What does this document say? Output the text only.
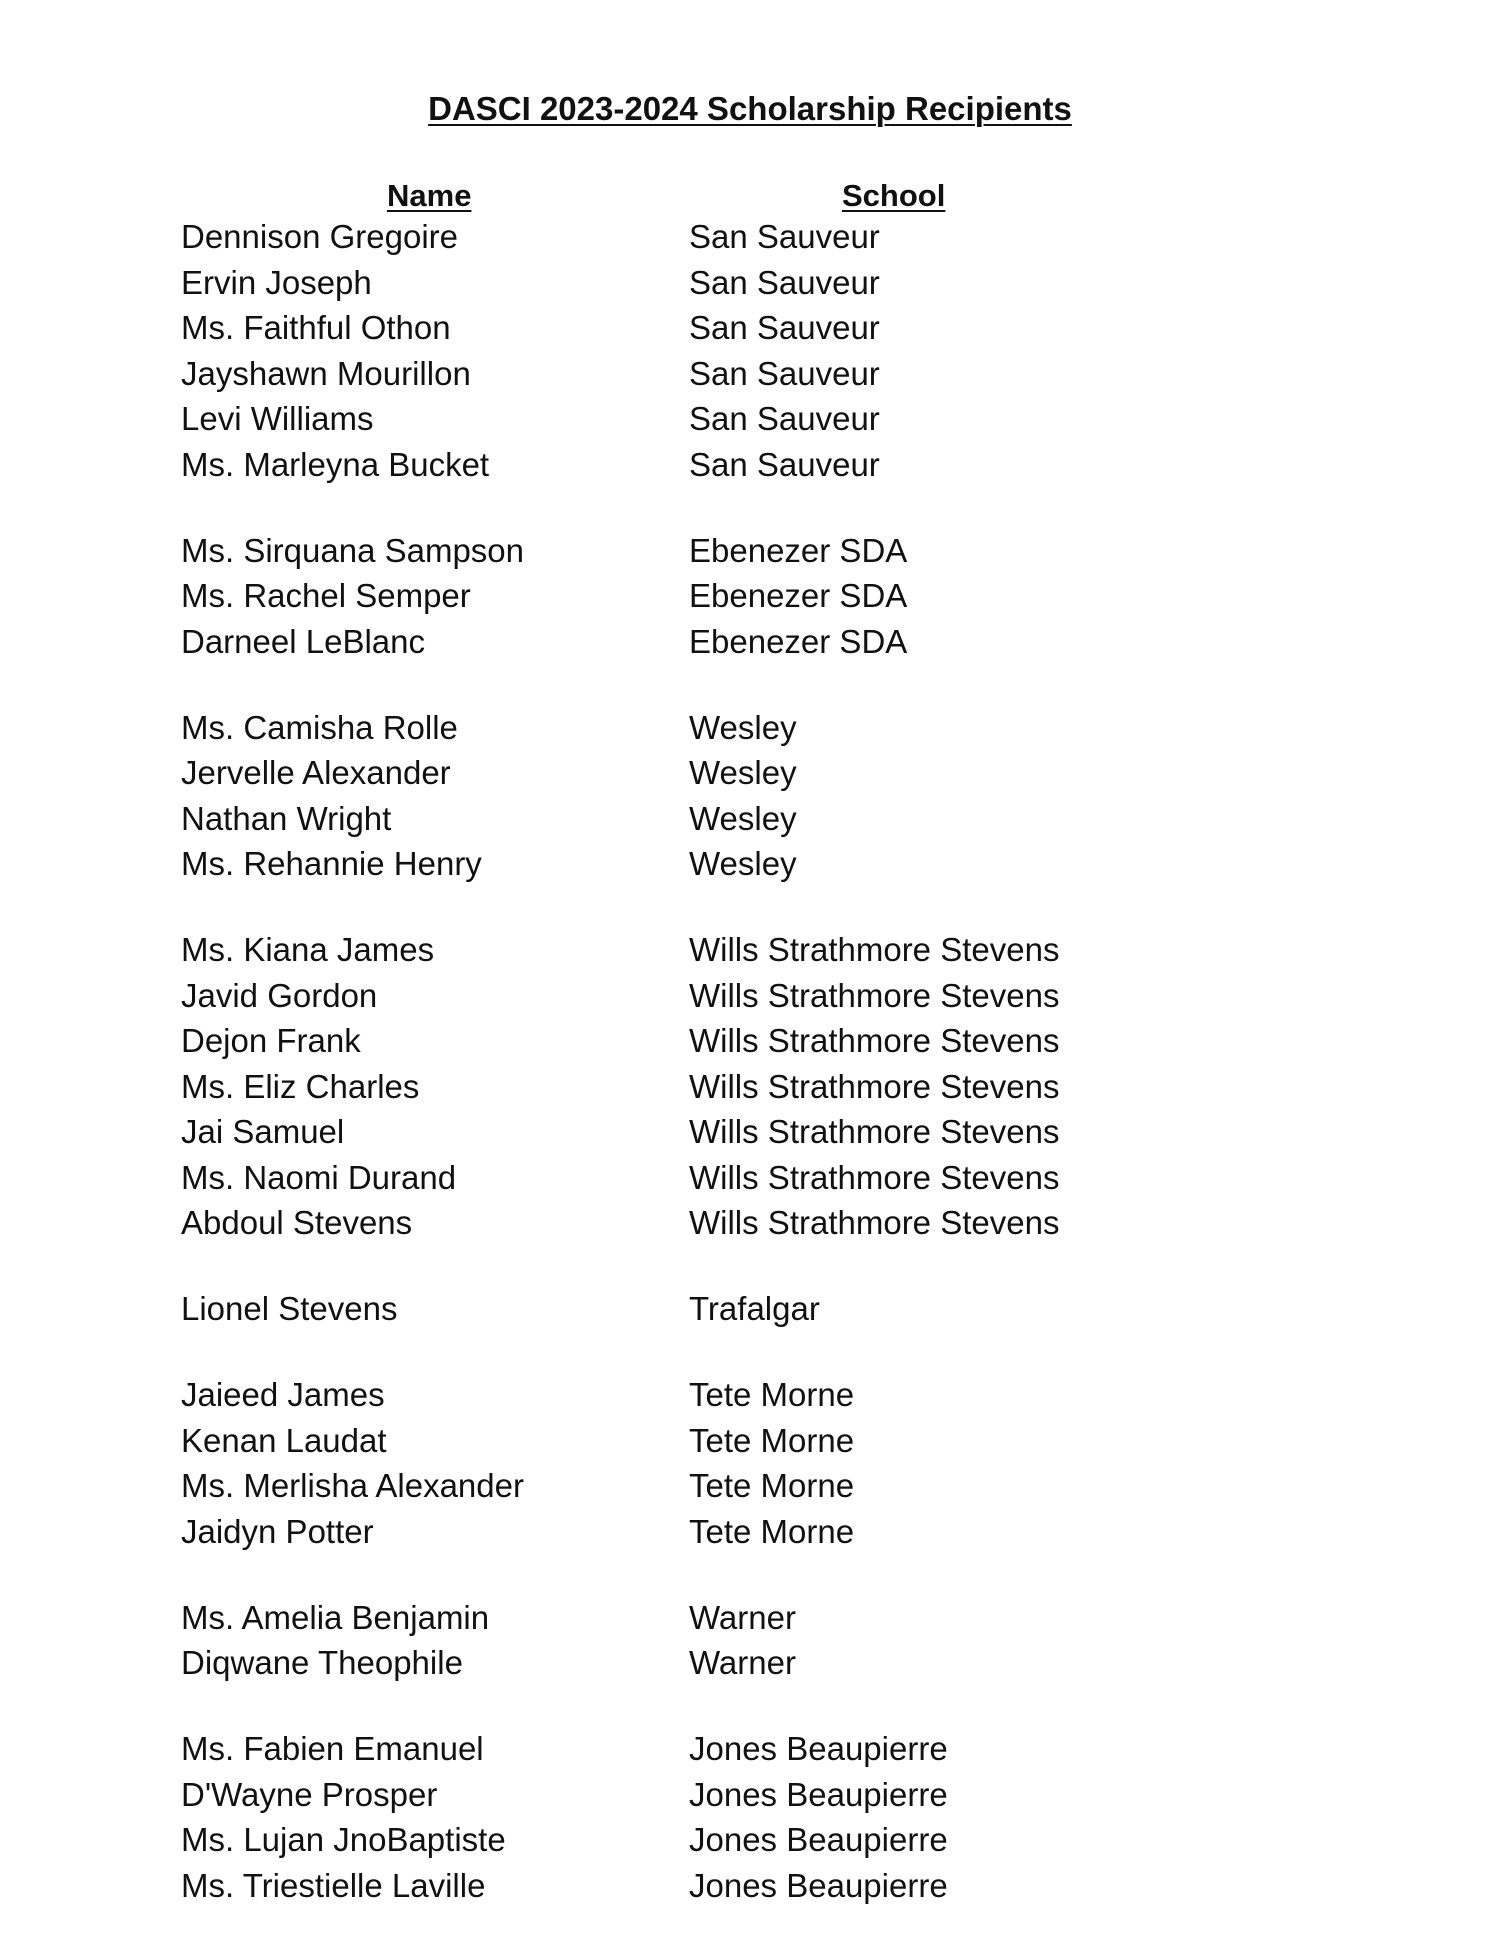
DASCI 2023-2024 Scholarship Recipients
Name	School
Dennison Gregoire	San Sauveur
Ervin Joseph	San Sauveur
Ms. Faithful Othon	San Sauveur
Jayshawn Mourillon	San Sauveur
Levi Williams	San Sauveur
Ms. Marleyna Bucket	San Sauveur
Ms. Sirquana Sampson	Ebenezer SDA
Ms. Rachel Semper	Ebenezer SDA
Darneel LeBlanc	Ebenezer SDA
Ms. Camisha Rolle	Wesley
Jervelle Alexander	Wesley
Nathan Wright	Wesley
Ms. Rehannie Henry	Wesley
Ms. Kiana James	Wills Strathmore Stevens
Javid Gordon	Wills Strathmore Stevens
Dejon Frank	Wills Strathmore Stevens
Ms. Eliz Charles	Wills Strathmore Stevens
Jai Samuel	Wills Strathmore Stevens
Ms. Naomi Durand	Wills Strathmore Stevens
Abdoul Stevens	Wills Strathmore Stevens
Lionel Stevens	Trafalgar
Jaieed James	Tete Morne
Kenan Laudat	Tete Morne
Ms. Merlisha Alexander	Tete Morne
Jaidyn Potter	Tete Morne
Ms. Amelia Benjamin	Warner
Diqwane Theophile	Warner
Ms. Fabien Emanuel	Jones Beaupierre
D'Wayne Prosper	Jones Beaupierre
Ms. Lujan JnoBaptiste	Jones Beaupierre
Ms. Triestielle Laville	Jones Beaupierre
